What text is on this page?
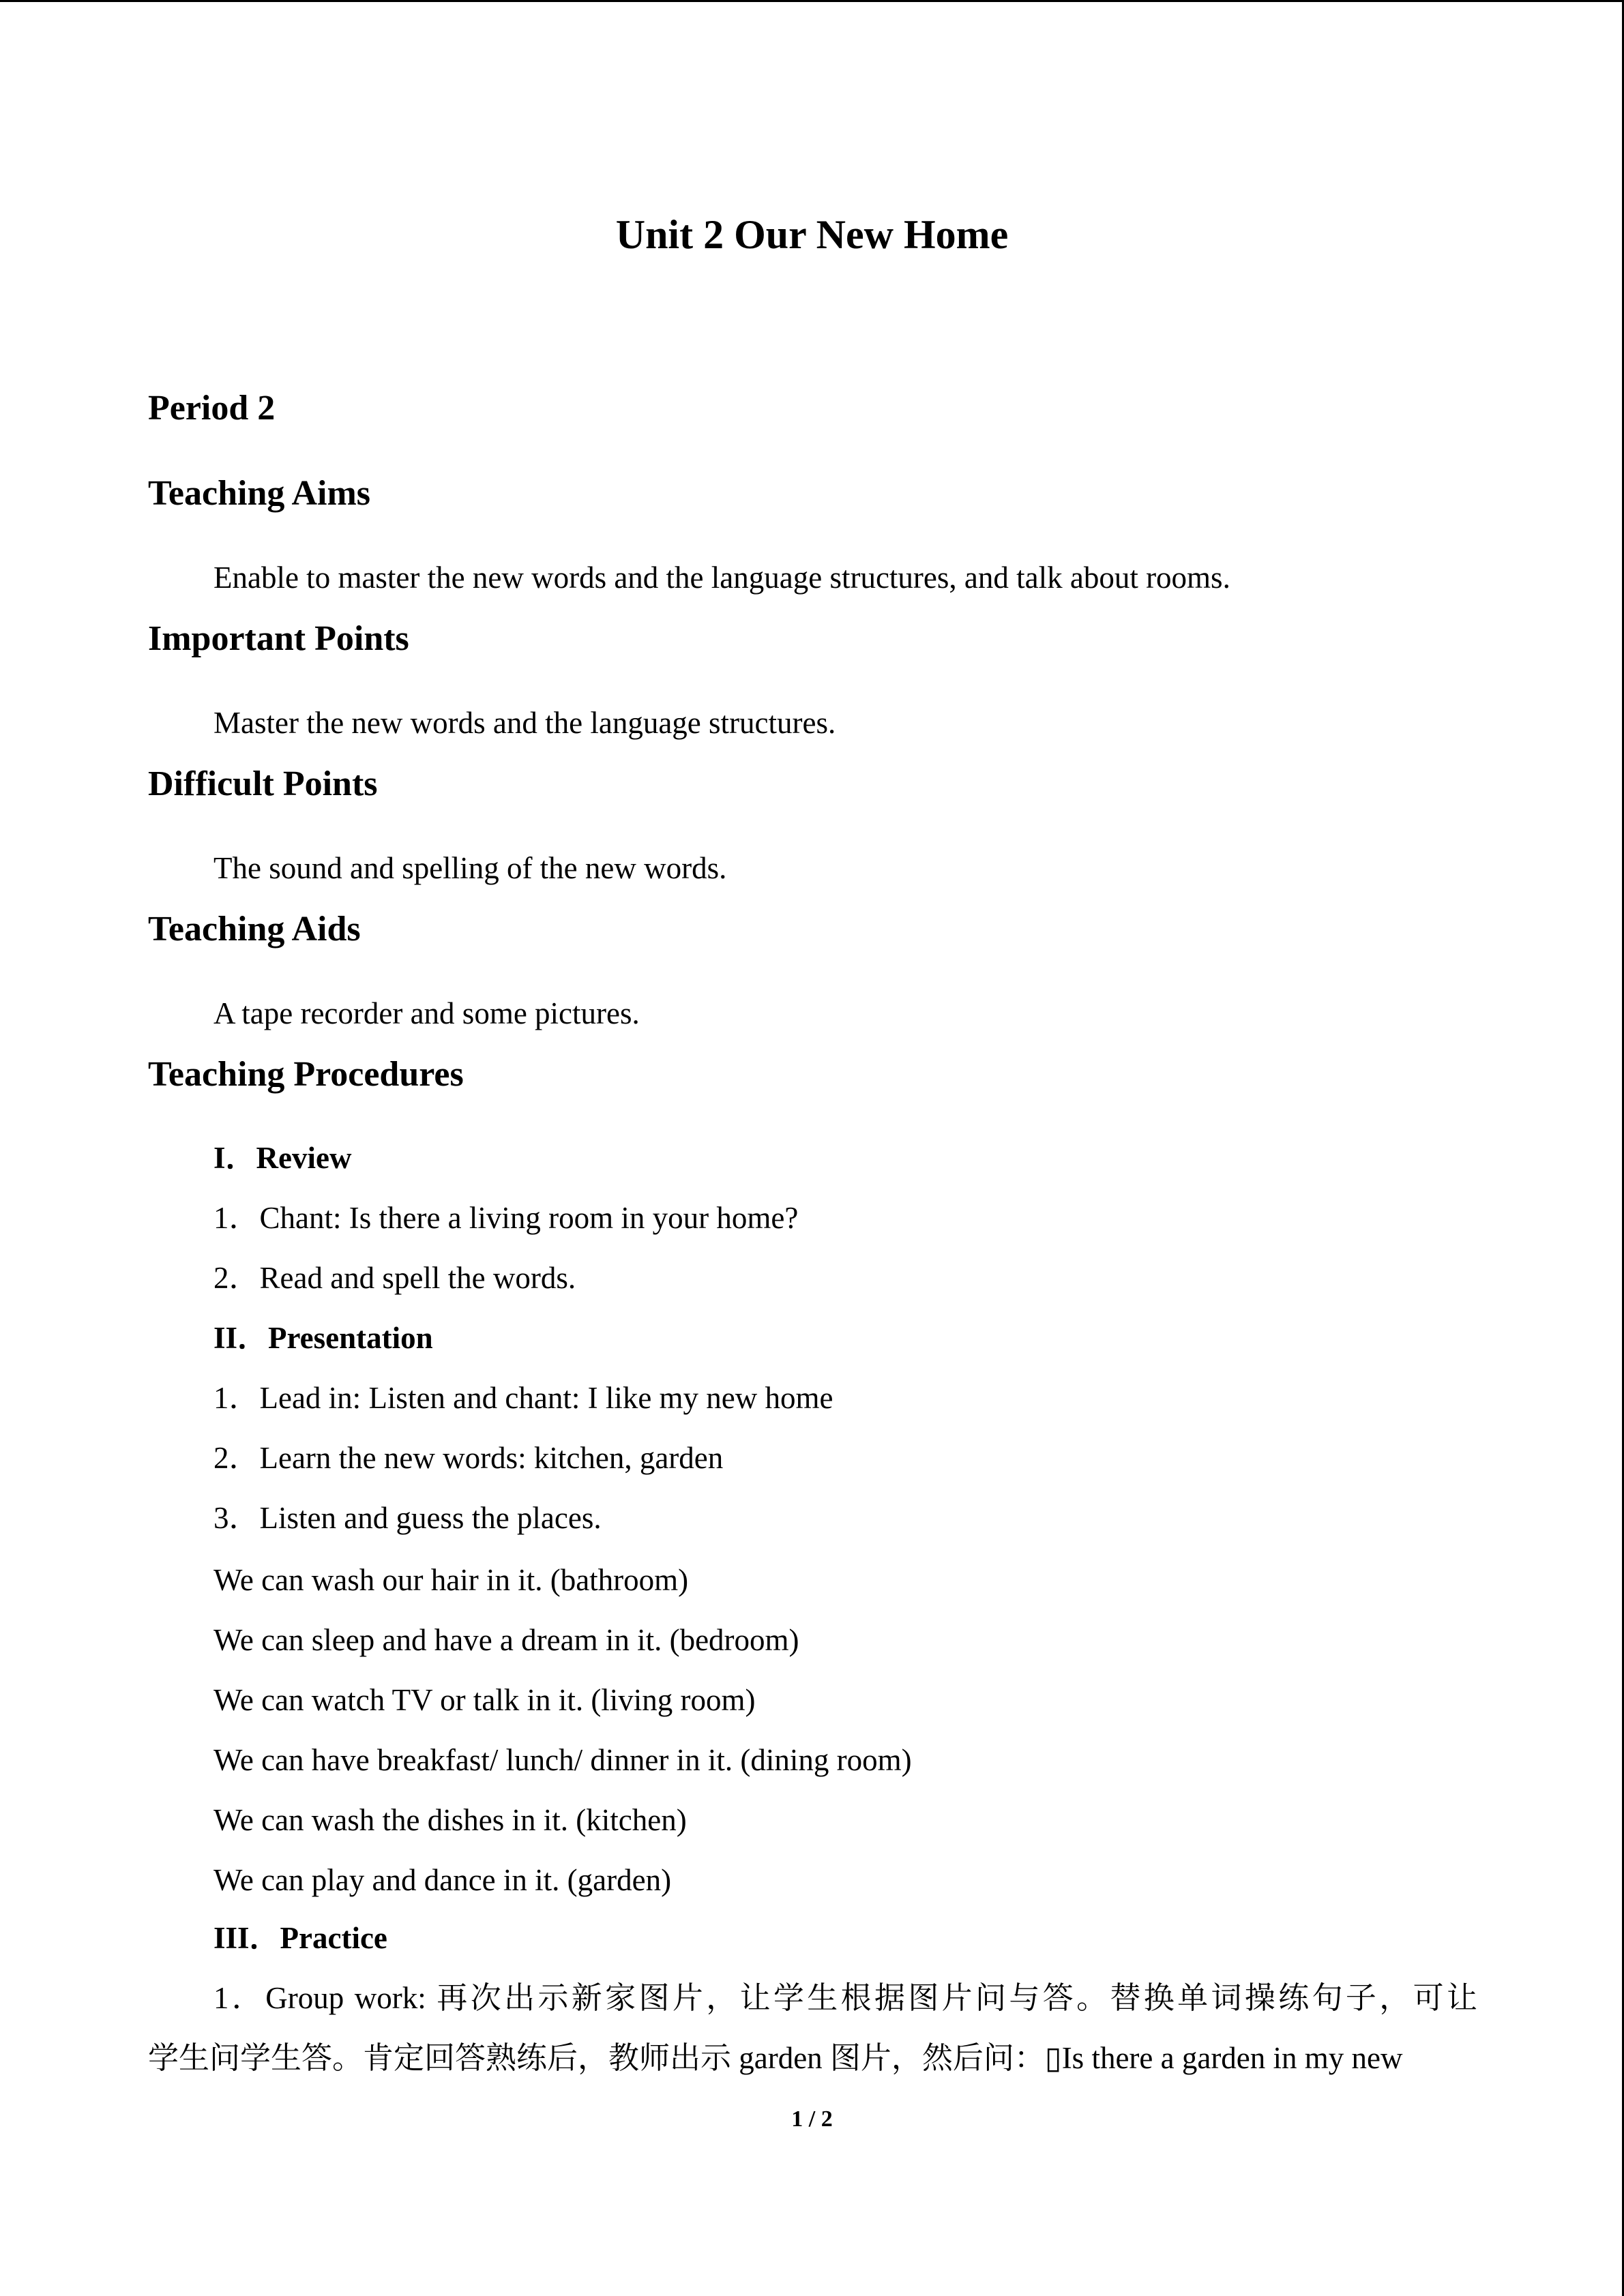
Unit 2 Our New Home
Period 2
Teaching Aims

Enable to master the new words and the language structures, and talk about rooms.

Important Points

Master the new words and the language structures.

Difficult Points

The sound and spelling of the new words.

Teaching Aids

A tape recorder and some pictures.

Teaching Procedures
I．Review

1．Chant: Is there a living room in your home?

2．Read and spell the words.

II．Presentation

1．Lead in: Listen and chant: I like my new home

2．Learn the new words: kitchen, garden

3．Listen and guess the places.

We can wash our hair in it. (bathroom)

We can sleep and have a dream in it. (bedroom)

We can watch TV or talk in it. (living room)

We can have breakfast/ lunch/ dinner in it. (dining room)

We can wash the dishes in it. (kitchen)

We can play and dance in it. (garden)

III．Practice

1．Group work: 再次出示新家图片，让学生根据图片问与答。替换单词操练句子，可让

学生问学生答。肯定回答熟练后，教师出示 garden 图片，然后问：▯Is there a garden in my new

1 / 2
